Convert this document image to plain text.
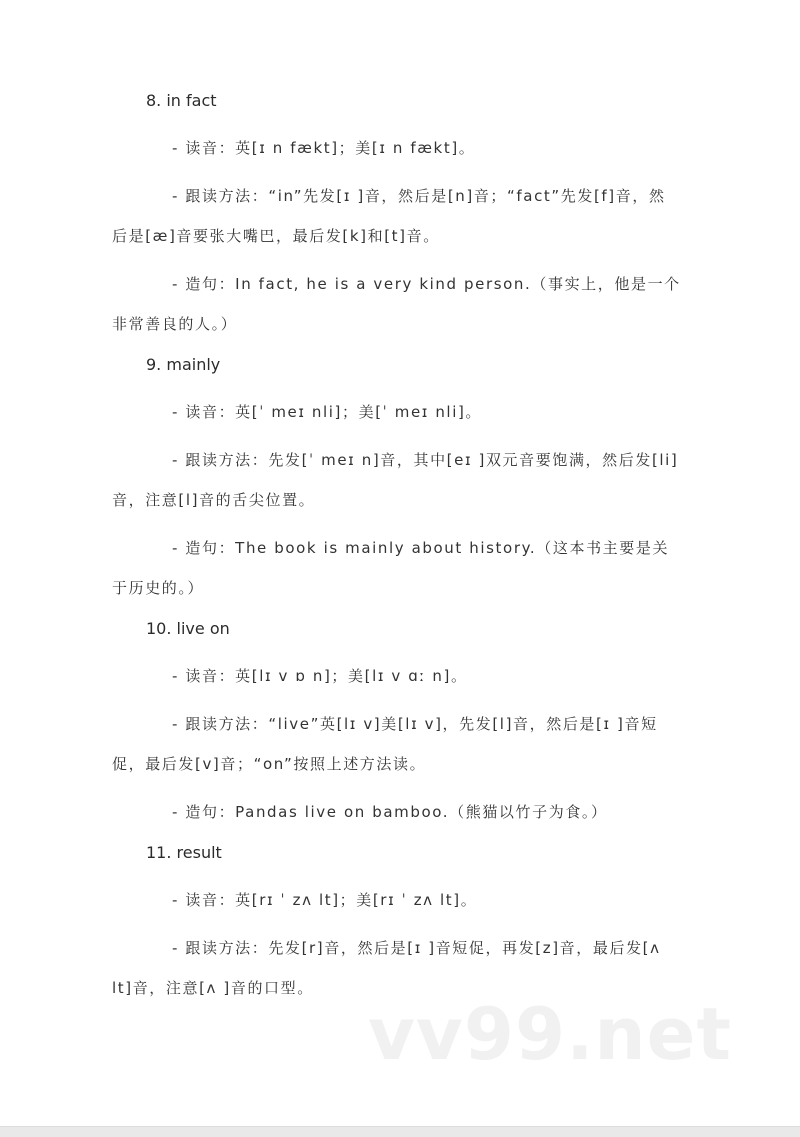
8. in fact

- 读音：英[ɪ n fækt]；美[ɪ n fækt]。

- 跟读方法：“in”先发[ɪ ]音，然后是[n]音；“fact”先发[f]音，然后是[æ]音要张大嘴巴，最后发[k]和[t]音。

- 造句：In fact, he is a very kind person.（事实上，他是一个非常善良的人。）

9. mainly

- 读音：英[ˈ meɪ nli]；美[ˈ meɪ nli]。

- 跟读方法：先发[ˈ meɪ n]音，其中[eɪ ]双元音要饱满，然后发[li]音，注意[l]音的舌尖位置。

- 造句：The book is mainly about history.（这本书主要是关于历史的。）

10. live on

- 读音：英[lɪ v ɒ n]；美[lɪ v ɑː n]。

- 跟读方法：“live”英[lɪ v]美[lɪ v]，先发[l]音，然后是[ɪ ]音短促，最后发[v]音；“on”按照上述方法读。

- 造句：Pandas live on bamboo.（熊猫以竹子为食。）

11. result

- 读音：英[rɪ ˈ zʌ lt]；美[rɪ ˈ zʌ lt]。

- 跟读方法：先发[r]音，然后是[ɪ ]音短促，再发[z]音，最后发[ʌ lt]音，注意[ʌ ]音的口型。

vv99.net
